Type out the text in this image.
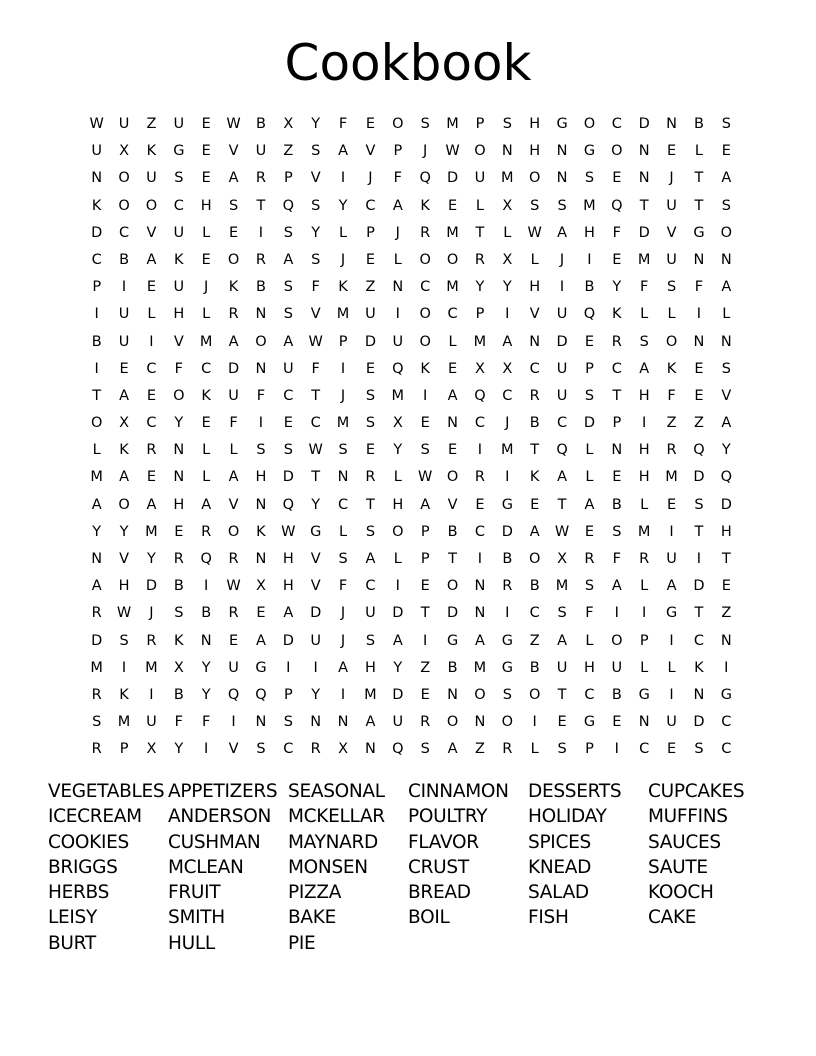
Cookbook
W	U	Z	U	E	W	B	X	Y	F	E	O	S	M	P	S	H	G	O	C	D	N	B	S
U	X	K	G	E	V	U	Z	S	A	V	P	J	W O	N	H	N	G	O	N	E	L	E
N	O	U	S	E	A	R	P	V	I	J	F	Q	D	U	M	O	N	S	E	N	J	T	A
K	O	O	C	H	S	T	Q	S	Y	C	A	K	E	L	X	S	S	M	Q	T	U	T	S
D	C	V	U	L	E	I	S	Y	L	P	J	R	M	T	L	W	A	H	F	D	V	G	O
C	B	A	K	E	O	R	A	S	J	E	L	O	O	R	X	L	J	I	E	M	U	N	N
P	I	E	U	J	K	B	S	F	K	Z	N	C	M	Y	Y	H	I	B	Y	F	S	F	A
I	U	L	H	L	R	N	S	V	M	U	I	O	C	P	I	V	U	Q	K	L	L	I	L
B	U	I	V	M	A	O	A	W	P	D	U	O	L	M	A	N	D	E	R	S	O	N	N
I	E	C	F	C	D	N	U	F	I	E	Q	K	E	X	X	C	U	P	C	A	K	E	S
T	A	E	O	K	U	F	C	T	J	S	M	I	A	Q	C	R	U	S	T	H	F	E	V
O	X	C	Y	E	F	I	E	C	M	S	X	E	N	C	J	B	C	D	P	I	Z	Z	A
L	K	R	N	L	L	S	S	W	S	E	Y	S	E	I	M	T	Q	L	N	H	R	Q	Y
M	A	E	N	L	A	H	D	T	N	R	L	W O	R	I	K	A	L	E	H	M	D	Q
A	O	A	H	A	V	N	Q	Y	C	T	H	A	V	E	G	E	T	A	B	L	E	S	D
Y	Y	M	E	R	O	K	W	G	L	S	O	P	B	C	D	A	W	E	S	M	I	T	H
N	V	Y	R	Q	R	N	H	V	S	A	L	P	T	I	B	O	X	R	F	R	U	I	T
A	H	D	B	I	W	X	H	V	F	C	I	E	O	N	R	B	M	S	A	L	A	D	E
R	W	J	S	B	R	E	A	D	J	U	D	T	D	N	I	C	S	F	I	I	G	T	Z
D	S	R	K	N	E	A	D	U	J	S	A	I	G	A	G	Z	A	L	O	P	I	C	N
M	I	M	X	Y	U	G	I	I	A	H	Y	Z	B	M	G	B	U	H	U	L	L	K	I
R	K	I	B	Y	Q	Q	P	Y	I	M	D	E	N	O	S	O	T	C	B	G	I	N	G
S	M	U	F	F	I	N	S	N	N	A	U	R	O	N	O	I	E	G	E	N	U	D	C
R	P	X	Y	I	V	S	C	R	X	N	Q	S	A	Z	R	L	S	P	I	C	E	S	C
VEGETABLES APPETIZERS SEASONAL	CINNAMON	DESSERTS	CUPCAKES
ICECREAM	ANDERSON MCKELLAR	POULTRY	HOLIDAY	MUFFINS
COOKIES	CUSHMAN	MAYNARD	FLAVOR	SPICES	SAUCES
BRIGGS	MCLEAN	MONSEN	CRUST	KNEAD	SAUTE
HERBS	FRUIT	PIZZA	BREAD	SALAD	KOOCH
LEISY	SMITH	BAKE	BOIL	FISH	CAKE
BURT	HULL	PIE
